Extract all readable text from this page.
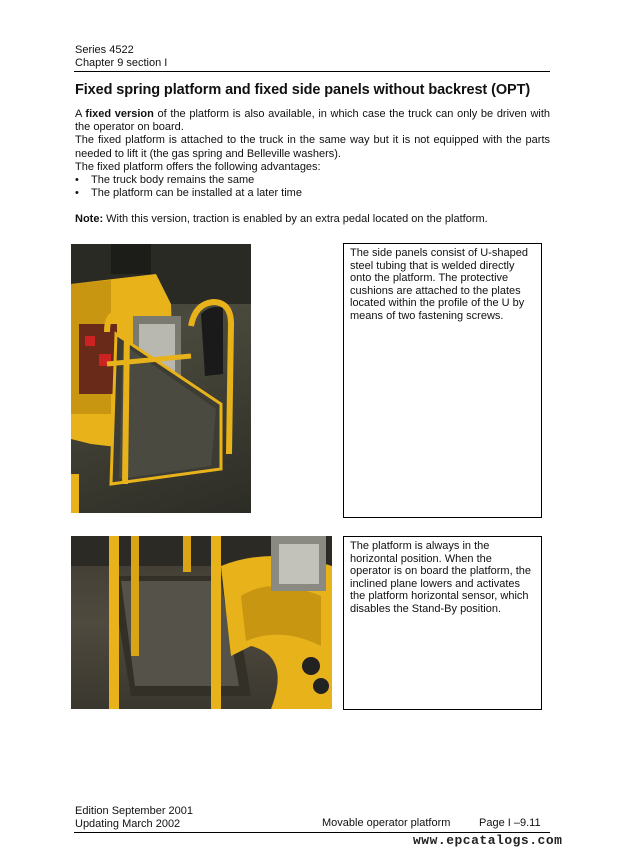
Series 4522
Chapter 9 section I
Fixed spring platform and fixed side panels without backrest (OPT)

A fixed version of the platform is also available, in which case the truck can only be driven with the operator on board.

The fixed platform is attached to the truck in the same way but it is not equipped with the parts needed to lift it (the gas spring and Belleville washers).

The fixed platform offers the following advantages:

• The truck body remains the same
• The platform can be installed at a later time

Note: With this version, traction is enabled by an extra pedal located on the platform.

The side panels consist of U-shaped steel tubing that is welded directly onto the platform. The protective cushions are attached to the plates located within the profile of the U by means of two fastening screws.
The platform is always in the horizontal position. When the operator is on board the platform, the inclined plane lowers and activates the platform horizontal sensor, which disables the Stand-By position.
Edition September 2001
Updating March 2002	Movable operator platform	Page I –9.11
www.epcatalogs.com
